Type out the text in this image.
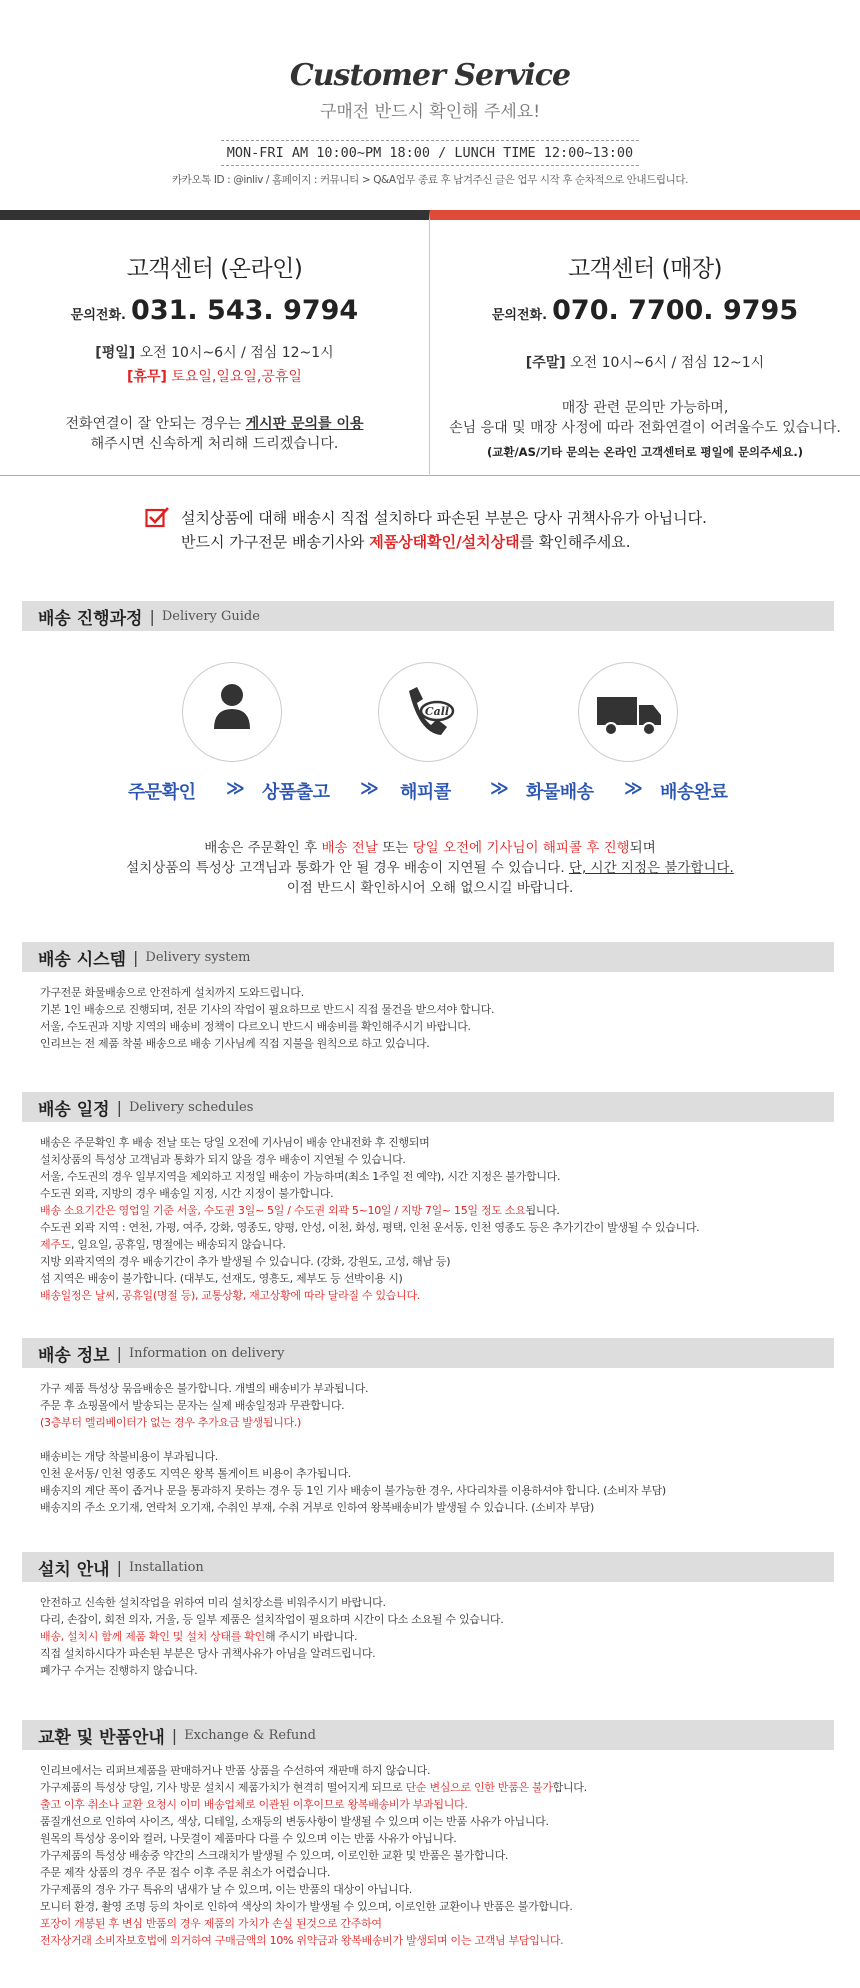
Customer Service
구매전 반드시 확인해 주세요!
MON-FRI AM 10:00~PM 18:00 / LUNCH TIME 12:00~13:00
카카오톡 ID : @inliv / 홈페이지 : 커뮤니티 > Q&A업무 종료 후 남겨주신 글은 업무 시작 후 순차적으로 안내드립니다.
고객센터 (온라인)
문의전화. 031. 543. 9794
[평일] 오전 10시~6시 / 점심 12~1시
[휴무] 토요일,일요일,공휴일
전화연결이 잘 안되는 경우는 게시판 문의를 이용
해주시면 신속하게 처리해 드리겠습니다.
고객센터 (매장)
문의전화. 070. 7700. 9795
[주말] 오전 10시~6시 / 점심 12~1시
매장 관련 문의만 가능하며,
손님 응대 및 매장 사정에 따라 전화연결이 어려울수도 있습니다.
(교환/AS/기타 문의는 온라인 고객센터로 평일에 문의주세요.)
설치상품에 대해 배송시 직접 설치하다 파손된 부분은 당사 귀책사유가 아닙니다.
반드시 가구전문 배송기사와 제품상태확인/설치상태를 확인해주세요.
배송 진행과정 | Delivery Guide
Call
주문확인 ≫ 상품출고 ≫ 해피콜 ≫ 화물배송 ≫ 배송완료
배송은 주문확인 후 배송 전날 또는 당일 오전에 기사님이 해피콜 후 진행되며
설치상품의 특성상 고객님과 통화가 안 될 경우 배송이 지연될 수 있습니다. 단, 시간 지정은 불가합니다.
이점 반드시 확인하시어 오해 없으시길 바랍니다.
배송 시스템 | Delivery system
가구전문 화물배송으로 안전하게 설치까지 도와드립니다.
기본 1인 배송으로 진행되며, 전문 기사의 작업이 필요하므로 반드시 직접 물건을 받으셔야 합니다.
서울, 수도권과 지방 지역의 배송비 정책이 다르오니 반드시 배송비를 확인해주시기 바랍니다.
인리브는 전 제품 착불 배송으로 배송 기사님께 직접 지불을 원칙으로 하고 있습니다.
배송 일정 | Delivery schedules
배송은 주문확인 후 배송 전날 또는 당일 오전에 기사님이 배송 안내전화 후 진행되며
설치상품의 특성상 고객님과 통화가 되지 않을 경우 배송이 지연될 수 있습니다.
서울, 수도권의 경우 일부지역을 제외하고 지정일 배송이 가능하며(최소 1주일 전 예약), 시간 지정은 불가합니다.
수도권 외곽, 지방의 경우 배송일 지정, 시간 지정이 불가합니다.
배송 소요기간은 영업일 기준 서울, 수도권 3일~ 5일 / 수도권 외곽 5~10일 / 지방 7일~ 15일 정도 소요됩니다.
수도권 외곽 지역 : 연천, 가평, 여주, 강화, 영종도, 양평, 안성, 이천, 화성, 평택, 인천 운서동, 인천 영종도 등은 추가기간이 발생될 수 있습니다.
제주도, 일요일, 공휴일, 명절에는 배송되지 않습니다.
지방 외곽지역의 경우 배송기간이 추가 발생될 수 있습니다. (강화, 강원도, 고성, 해남 등)
섬 지역은 배송이 불가합니다. (대부도, 선재도, 영흥도, 제부도 등 선박이용 시)
배송일정은 날씨, 공휴일(명절 등), 교통상황, 재고상황에 따라 달라질 수 있습니다.
배송 정보 | Information on delivery
가구 제품 특성상 묶음배송은 불가합니다. 개별의 배송비가 부과됩니다.
주문 후 쇼핑몰에서 발송되는 문자는 실제 배송일정과 무관합니다.
(3층부터 엘리베이터가 없는 경우 추가요금 발생됩니다.)
배송비는 개당 착불비용이 부과됩니다.
인천 운서동/ 인천 영종도 지역은 왕복 톨게이트 비용이 추가됩니다.
배송지의 계단 폭이 좁거나 문을 통과하지 못하는 경우 등 1인 기사 배송이 불가능한 경우, 사다리차를 이용하셔야 합니다. (소비자 부담)
배송지의 주소 오기재, 연락처 오기재, 수취인 부재, 수취 거부로 인하여 왕복배송비가 발생될 수 있습니다. (소비자 부담)
설치 안내 | Installation
안전하고 신속한 설치작업을 위하여 미리 설치장소를 비워주시기 바랍니다.
다리, 손잡이, 회전 의자, 거울, 등 일부 제품은 설치작업이 필요하며 시간이 다소 소요될 수 있습니다.
배송, 설치시 함께 제품 확인 및 설치 상태를 확인해 주시기 바랍니다.
직접 설치하시다가 파손된 부분은 당사 귀책사유가 아님을 알려드립니다.
폐가구 수거는 진행하지 않습니다.
교환 및 반품안내 | Exchange & Refund
인리브에서는 리퍼브제품을 판매하거나 반품 상품을 수선하여 재판매 하지 않습니다.
가구제품의 특성상 당일, 기사 방문 설치시 제품가치가 현격히 떨어지게 되므로 단순 변심으로 인한 반품은 불가합니다.
출고 이후 취소나 교환 요청시 이미 배송업체로 이관된 이후이므로 왕복배송비가 부과됩니다.
품질개선으로 인하여 사이즈, 색상, 디테일, 소재등의 변동사항이 발생될 수 있으며 이는 반품 사유가 아닙니다.
원목의 특성상 옹이와 컬러, 나뭇결이 제품마다 다를 수 있으며 이는 반품 사유가 아닙니다.
가구제품의 특성상 배송중 약간의 스크래치가 발생될 수 있으며, 이로인한 교환 및 반품은 불가합니다.
주문 제작 상품의 경우 주문 접수 이후 주문 취소가 어렵습니다.
가구제품의 경우 가구 특유의 냄새가 날 수 있으며, 이는 반품의 대상이 아닙니다.
모니터 환경, 촬영 조명 등의 차이로 인하여 색상의 차이가 발생될 수 있으며, 이로인한 교환이나 반품은 불가합니다.
포장이 개봉된 후 변심 반품의 경우 제품의 가치가 손실 된것으로 간주하여
전자상거래 소비자보호법에 의거하여 구매금액의 10% 위약금과 왕복배송비가 발생되며 이는 고객님 부담입니다.
